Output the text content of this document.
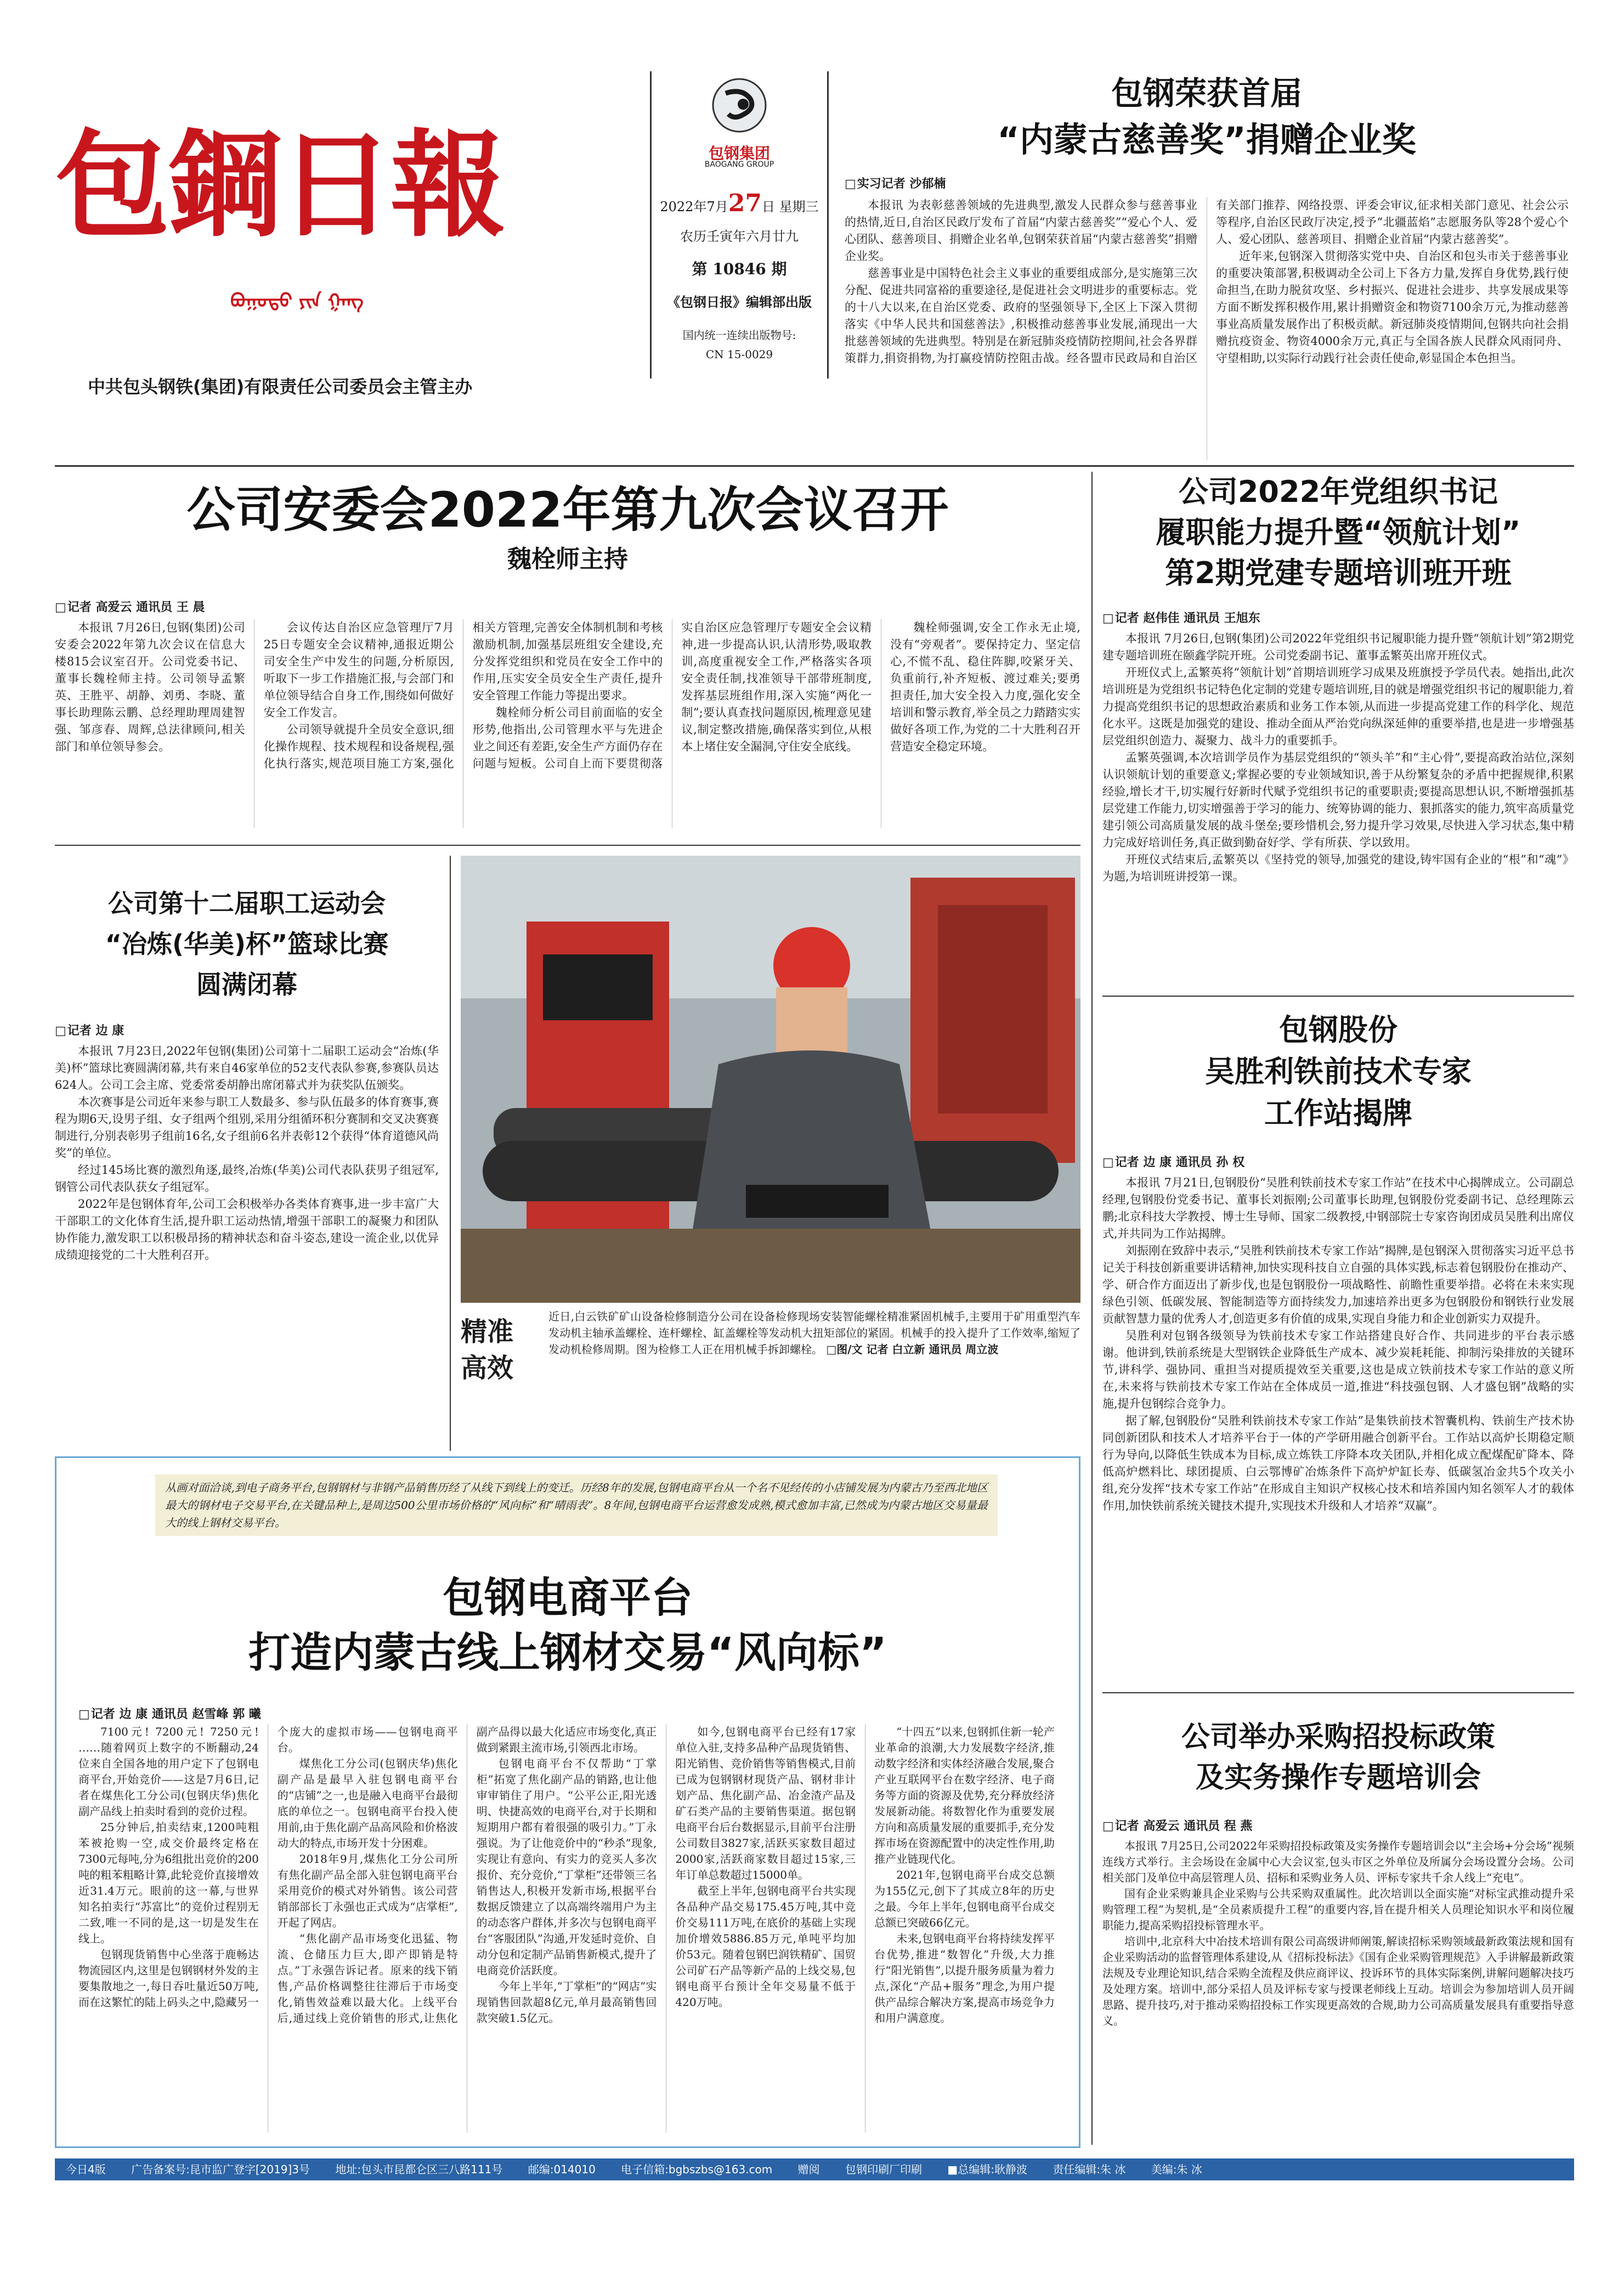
包鋼日報
ᠪᠤᠭᠤᠲᠤ ᠶᠢᠨ ᠭᠠᠩ
中共包头钢铁(集团)有限责任公司委员会主管主办
包钢集团
BAOGANG GROUP
2022年7月27日 星期三
农历壬寅年六月廿九
第 10846 期
《包钢日报》编辑部出版
国内统一连续出版物号:
CN 15-0029
包钢荣获首届
“内蒙古慈善奖”捐赠企业奖
□ 实习记者 沙郁楠

本报讯 为表彰慈善领域的先进典型,激发人民群众参与慈善事业的热情,近日,自治区民政厅发布了首届“内蒙古慈善奖”“爱心个人、爱心团队、慈善项目、捐赠企业名单,包钢荣获首届“内蒙古慈善奖”捐赠企业奖。

慈善事业是中国特色社会主义事业的重要组成部分,是实施第三次分配、促进共同富裕的重要途径,是促进社会文明进步的重要标志。党的十八大以来,在自治区党委、政府的坚强领导下,全区上下深入贯彻落实《中华人民共和国慈善法》,积极推动慈善事业发展,涌现出一大批慈善领域的先进典型。特别是在新冠肺炎疫情防控期间,社会各界群策群力,捐资捐物,为打赢疫情防控阻击战。经各盟市民政局和自治区有关部门推荐、网络投票、评委会审议,征求相关部门意见、社会公示等程序,自治区民政厅决定,授予“北疆蓝焰”志愿服务队等28个爱心个人、爱心团队、慈善项目、捐赠企业首届“内蒙古慈善奖”。

近年来,包钢深入贯彻落实党中央、自治区和包头市关于慈善事业的重要决策部署,积极调动全公司上下各方力量,发挥自身优势,践行使命担当,在助力脱贫攻坚、乡村振兴、促进社会进步、共享发展成果等方面不断发挥积极作用,累计捐赠资金和物资7100余万元,为推动慈善事业高质量发展作出了积极贡献。新冠肺炎疫情期间,包钢共向社会捐赠抗疫资金、物资4000余万元,真正与全国各族人民群众风雨同舟、守望相助,以实际行动践行社会责任使命,彰显国企本色担当。

公司安委会2022年第九次会议召开
魏栓师主持
□ 记者 高爱云 通讯员 王 晨

本报讯 7月26日,包钢(集团)公司安委会2022年第九次会议在信息大楼815会议室召开。公司党委书记、董事长魏栓师主持。公司领导孟繁英、王胜平、胡静、刘勇、李晓、董事长助理陈云鹏、总经理助理周建智强、邹彦春、周辉,总法律顾问,相关部门和单位领导参会。

会议传达自治区应急管理厅7月25日专题安全会议精神,通报近期公司安全生产中发生的问题,分析原因,听取下一步工作措施汇报,与会部门和单位领导结合自身工作,围绕如何做好安全工作发言。

公司领导就提升全员安全意识,细化操作规程、技术规程和设备规程,强化执行落实,规范项目施工方案,强化相关方管理,完善安全体制机制和考核激励机制,加强基层班组安全建设,充分发挥党组织和党员在安全工作中的作用,压实安全员安全生产责任,提升安全管理工作能力等提出要求。

魏栓师分析公司目前面临的安全形势,他指出,公司管理水平与先进企业之间还有差距,安全生产方面仍存在问题与短板。公司自上而下要贯彻落实自治区应急管理厅专题安全会议精神,进一步提高认识,认清形势,吸取教训,高度重视安全工作,严格落实各项安全责任制,找准领导干部带班制度,发挥基层班组作用,深入实施“两化一制”;要认真查找问题原因,梳理意见建议,制定整改措施,确保落实到位,从根本上堵住安全漏洞,守住安全底线。

魏栓师强调,安全工作永无止境,没有“旁观者”。要保持定力、坚定信心,不慌不乱、稳住阵脚,咬紧牙关、负重前行,补齐短板、渡过难关;要勇担责任,加大安全投入力度,强化安全培训和警示教育,举全员之力踏踏实实做好各项工作,为党的二十大胜利召开营造安全稳定环境。

公司2022年党组织书记
履职能力提升暨“领航计划”
第2期党建专题培训班开班
□ 记者 赵伟佳 通讯员 王旭东

本报讯 7月26日,包钢(集团)公司2022年党组织书记履职能力提升暨“领航计划”第2期党建专题培训班在颐鑫学院开班。公司党委副书记、董事孟繁英出席开班仪式。

开班仪式上,孟繁英将“领航计划”首期培训班学习成果及班旗授予学员代表。她指出,此次培训班是为党组织书记特色化定制的党建专题培训班,目的就是增强党组织书记的履职能力,着力提高党组织书记的思想政治素质和业务工作本领,从而进一步提高党建工作的科学化、规范化水平。这既是加强党的建设、推动全面从严治党向纵深延伸的重要举措,也是进一步增强基层党组织创造力、凝聚力、战斗力的重要抓手。

孟繁英强调,本次培训学员作为基层党组织的“领头羊”和“主心骨”,要提高政治站位,深刻认识领航计划的重要意义;掌握必要的专业领域知识,善于从纷繁复杂的矛盾中把握规律,积累经验,增长才干,切实履行好新时代赋予党组织书记的重要职责;要提高思想认识,不断增强抓基层党建工作能力,切实增强善于学习的能力、统筹协调的能力、狠抓落实的能力,筑牢高质量党建引领公司高质量发展的战斗堡垒;要珍惜机会,努力提升学习效果,尽快进入学习状态,集中精力完成好培训任务,真正做到勤奋好学、学有所获、学以致用。

开班仪式结束后,孟繁英以《坚持党的领导,加强党的建设,铸牢国有企业的“根”和“魂”》为题,为培训班讲授第一课。

公司第十二届职工运动会
“冶炼(华美)杯”篮球比赛
圆满闭幕
□ 记者 边 康

本报讯 7月23日,2022年包钢(集团)公司第十二届职工运动会“冶炼(华美)杯”篮球比赛圆满闭幕,共有来自46家单位的52支代表队参赛,参赛队员达624人。公司工会主席、党委常委胡静出席闭幕式并为获奖队伍颁奖。

本次赛事是公司近年来参与职工人数最多、参与队伍最多的体育赛事,赛程为期6天,设男子组、女子组两个组别,采用分组循环积分赛制和交叉决赛赛制进行,分别表彰男子组前16名,女子组前6名并表彰12个获得“体育道德风尚奖”的单位。

经过145场比赛的激烈角逐,最终,冶炼(华美)公司代表队获男子组冠军,钢管公司代表队获女子组冠军。

2022年是包钢体育年,公司工会积极举办各类体育赛事,进一步丰富广大干部职工的文化体育生活,提升职工运动热情,增强干部职工的凝聚力和团队协作能力,激发职工以积极昂扬的精神状态和奋斗姿态,建设一流企业,以优异成绩迎接党的二十大胜利召开。

精准高效
近日,白云铁矿矿山设备检修制造分公司在设备检修现场安装智能螺栓精准紧固机械手,主要用于矿用重型汽车发动机主轴承盖螺栓、连杆螺栓、缸盖螺栓等发动机大扭矩部位的紧固。机械手的投入提升了工作效率,缩短了发动机检修周期。图为检修工人正在用机械手拆卸螺栓。 □图/文 记者 白立新 通讯员 周立波
包钢股份
吴胜利铁前技术专家
工作站揭牌
□ 记者 边 康 通讯员 孙 权

本报讯 7月21日,包钢股份“吴胜利铁前技术专家工作站”在技术中心揭牌成立。公司副总经理,包钢股份党委书记、董事长刘振刚;公司董事长助理,包钢股份党委副书记、总经理陈云鹏;北京科技大学教授、博士生导师、国家二级教授,中钢部院士专家咨询团成员吴胜利出席仪式,并共同为工作站揭牌。

刘振刚在致辞中表示,“吴胜利铁前技术专家工作站”揭牌,是包钢深入贯彻落实习近平总书记关于科技创新重要讲话精神,加快实现科技自立自强的具体实践,标志着包钢股份在推动产、学、研合作方面迈出了新步伐,也是包钢股份一项战略性、前瞻性重要举措。必将在未来实现绿色引领、低碳发展、智能制造等方面持续发力,加速培养出更多为包钢股份和钢铁行业发展贡献智慧力量的优秀人才,创造更多有价值的成果,实现自身能力和企业创新实力双提升。

吴胜利对包钢各级领导为铁前技术专家工作站搭建良好合作、共同进步的平台表示感谢。他讲到,铁前系统是大型钢铁企业降低生产成本、减少炭耗耗能、抑制污染排放的关键环节,讲科学、强协同、重担当对提质提效至关重要,这也是成立铁前技术专家工作站的意义所在,未来将与铁前技术专家工作站在全体成员一道,推进“科技强包钢、人才盛包钢”战略的实施,提升包钢综合竞争力。

据了解,包钢股份“吴胜利铁前技术专家工作站”是集铁前技术智囊机构、铁前生产技术协同创新团队和技术人才培养平台于一体的产学研用融合创新平台。工作站以高炉长期稳定顺行为导向,以降低生铁成本为目标,成立炼铁工序降本攻关团队,并相化成立配煤配矿降本、降低高炉燃料比、球团提质、白云鄂博矿冶炼条件下高炉炉缸长寿、低碳氢冶金共5个攻关小组,充分发挥“技术专家工作站”在形成自主知识产权核心技术和培养国内知名领军人才的载体作用,加快铁前系统关键技术提升,实现技术升级和人才培养“双赢”。

从画对面洽谈,到电子商务平台,包钢钢材与非钢产品销售历经了从线下到线上的变迁。历经8年的发展,包钢电商平台从一个名不见经传的小店铺发展为内蒙古乃至西北地区最大的钢材电子交易平台,在关键品种上,是周边500公里市场价格的“风向标”和“晴雨表”。8年间,包钢电商平台运营愈发成熟,模式愈加丰富,已然成为内蒙古地区交易量最大的线上钢材交易平台。
包钢电商平台
打造内蒙古线上钢材交易“风向标”
□ 记者 边 康 通讯员 赵雪峰 郭 曦

7100元! 7200元! 7250元! ……随着网页上数字的不断翻动,24位来自全国各地的用户定下了包钢电商平台,开始竞价——这是7月6日,记者在煤焦化工分公司(包钢庆华)焦化副产品线上拍卖时看到的竞价过程。

25分钟后,拍卖结束,1200吨粗苯被抢购一空,成交价最终定格在7300元每吨,分为6组批出竞价的200吨的粗苯粗略计算,此轮竞价直接增效近31.4万元。眼前的这一幕,与世界知名拍卖行“苏富比”的竞价过程别无二致,唯一不同的是,这一切是发生在线上。

包钢现货销售中心坐落于鹿畅达物流园区内,这里是包钢钢材外发的主要集散地之一,每日吞吐量近50万吨,而在这繁忙的陆上码头之中,隐藏另一个庞大的虚拟市场——包钢电商平台。

煤焦化工分公司(包钢庆华)焦化副产品是最早入驻包钢电商平台的“店铺”之一,也是融入电商平台最彻底的单位之一。包钢电商平台投入使用前,由于焦化副产品高风险和价格波动大的特点,市场开发十分困难。

2018年9月,煤焦化工分公司所有焦化副产品全部入驻包钢电商平台采用竞价的模式对外销售。该公司营销部部长丁永强也正式成为“店掌柜”,开起了网店。

“焦化副产品市场变化迅猛、物流、仓储压力巨大,即产即销是特点。”丁永强告诉记者。原来的线下销售,产品价格调整往往滞后于市场变化,销售效益难以最大化。上线平台后,通过线上竞价销售的形式,让焦化副产品得以最大化适应市场变化,真正做到紧跟主流市场,引领西北市场。

包钢电商平台不仅帮助“丁掌柜”拓宽了焦化副产品的销路,也让他审审销住了用户。“公平公正,阳光透明、快捷高效的电商平台,对于长期和短期用户都有着很强的吸引力。”丁永强说。为了让他竞价中的“秒杀”现象,实现让有意向、有实力的竞买人多次报价、充分竞价,“丁掌柜”还带领三名销售达人,积极开发新市场,根据平台数据反馈建立了以高端终端用户为主的动态客户群体,并多次与包钢电商平台“客服团队”沟通,开发延时竞价、自动分包和定制产品销售新模式,提升了电商竞价活跃度。

今年上半年,“丁掌柜”的“网店”实现销售回款超8亿元,单月最高销售回款突破1.5亿元。

如今,包钢电商平台已经有17家单位入驻,支持多品种产品现货销售、阳光销售、竞价销售等销售模式,目前已成为包钢钢材现货产品、钢材非计划产品、焦化副产品、冶金渣产品及矿石类产品的主要销售渠道。据包钢电商平台后台数据显示,目前平台注册公司数目3827家,活跃买家数目超过2000家,活跃商家数目超过15家,三年订单总数超过15000单。

截至上半年,包钢电商平台共实现各品种产品交易175.45万吨,其中竞价交易111万吨,在底价的基础上实现加价增效5886.85万元,单吨平均加价53元。随着包钢巴润铁精矿、国贸公司矿石产品等新产品的上线交易,包钢电商平台预计全年交易量不低于420万吨。

“十四五”以来,包钢抓住新一轮产业革命的浪潮,大力发展数字经济,推动数字经济和实体经济融合发展,聚合产业互联网平台在数字经济、电子商务等方面的资源及优势,充分释放经济发展新动能。将数智化作为重要发展方向和高质量发展的重要抓手,充分发挥市场在资源配置中的决定性作用,助推产业链现代化。

2021年,包钢电商平台成交总额为155亿元,创下了其成立8年的历史之最。今年上半年,包钢电商平台成交总额已突破66亿元。

未来,包钢电商平台将持续发挥平台优势,推进“数智化”升级,大力推行“阳光销售”,以提升服务质量为着力点,深化“产品+服务”理念,为用户提供产品综合解决方案,提高市场竞争力和用户满意度。

公司举办采购招投标政策
及实务操作专题培训会
□ 记者 高爱云 通讯员 程 燕

本报讯 7月25日,公司2022年采购招投标政策及实务操作专题培训会以“主会场+分会场”视频连线方式举行。主会场设在金属中心大会议室,包头市区之外单位及所属分会场设置分会场。公司相关部门及单位中高层管理人员、招标和采购业务人员、评标专家共千余人线上“充电”。

国有企业采购兼具企业采购与公共采购双重属性。此次培训以全面实施“对标宝武推动提升采购管理工程”为契机,是“全员素质提升工程”的重要内容,旨在提升相关人员理论知识水平和岗位履职能力,提高采购招投标管理水平。

培训中,北京科大中冶技术培训有限公司高级讲师阐策,解读招标采购领域最新政策法规和国有企业采购活动的监督管理体系建设,从《招标投标法》《国有企业采购管理规范》入手讲解最新政策法规及专业理论知识,结合采购全流程及供应商评议、投诉环节的具体实际案例,讲解问题解决技巧及处理方案。培训中,部分采招人员及评标专家与授课老师线上互动。培训会为参加培训人员开阔思路、提升技巧,对于推动采购招投标工作实现更高效的合规,助力公司高质量发展具有重要指导意义。

今日4版 广告备案号:昆市监广登字[2019]3号 地址:包头市昆都仑区三八路111号 邮编:014010 电子信箱:bgbszbs@163.com 赠阅 包钢印刷厂印刷 ■总编辑:耿静波 责任编辑:朱 冰 美编:朱 冰
